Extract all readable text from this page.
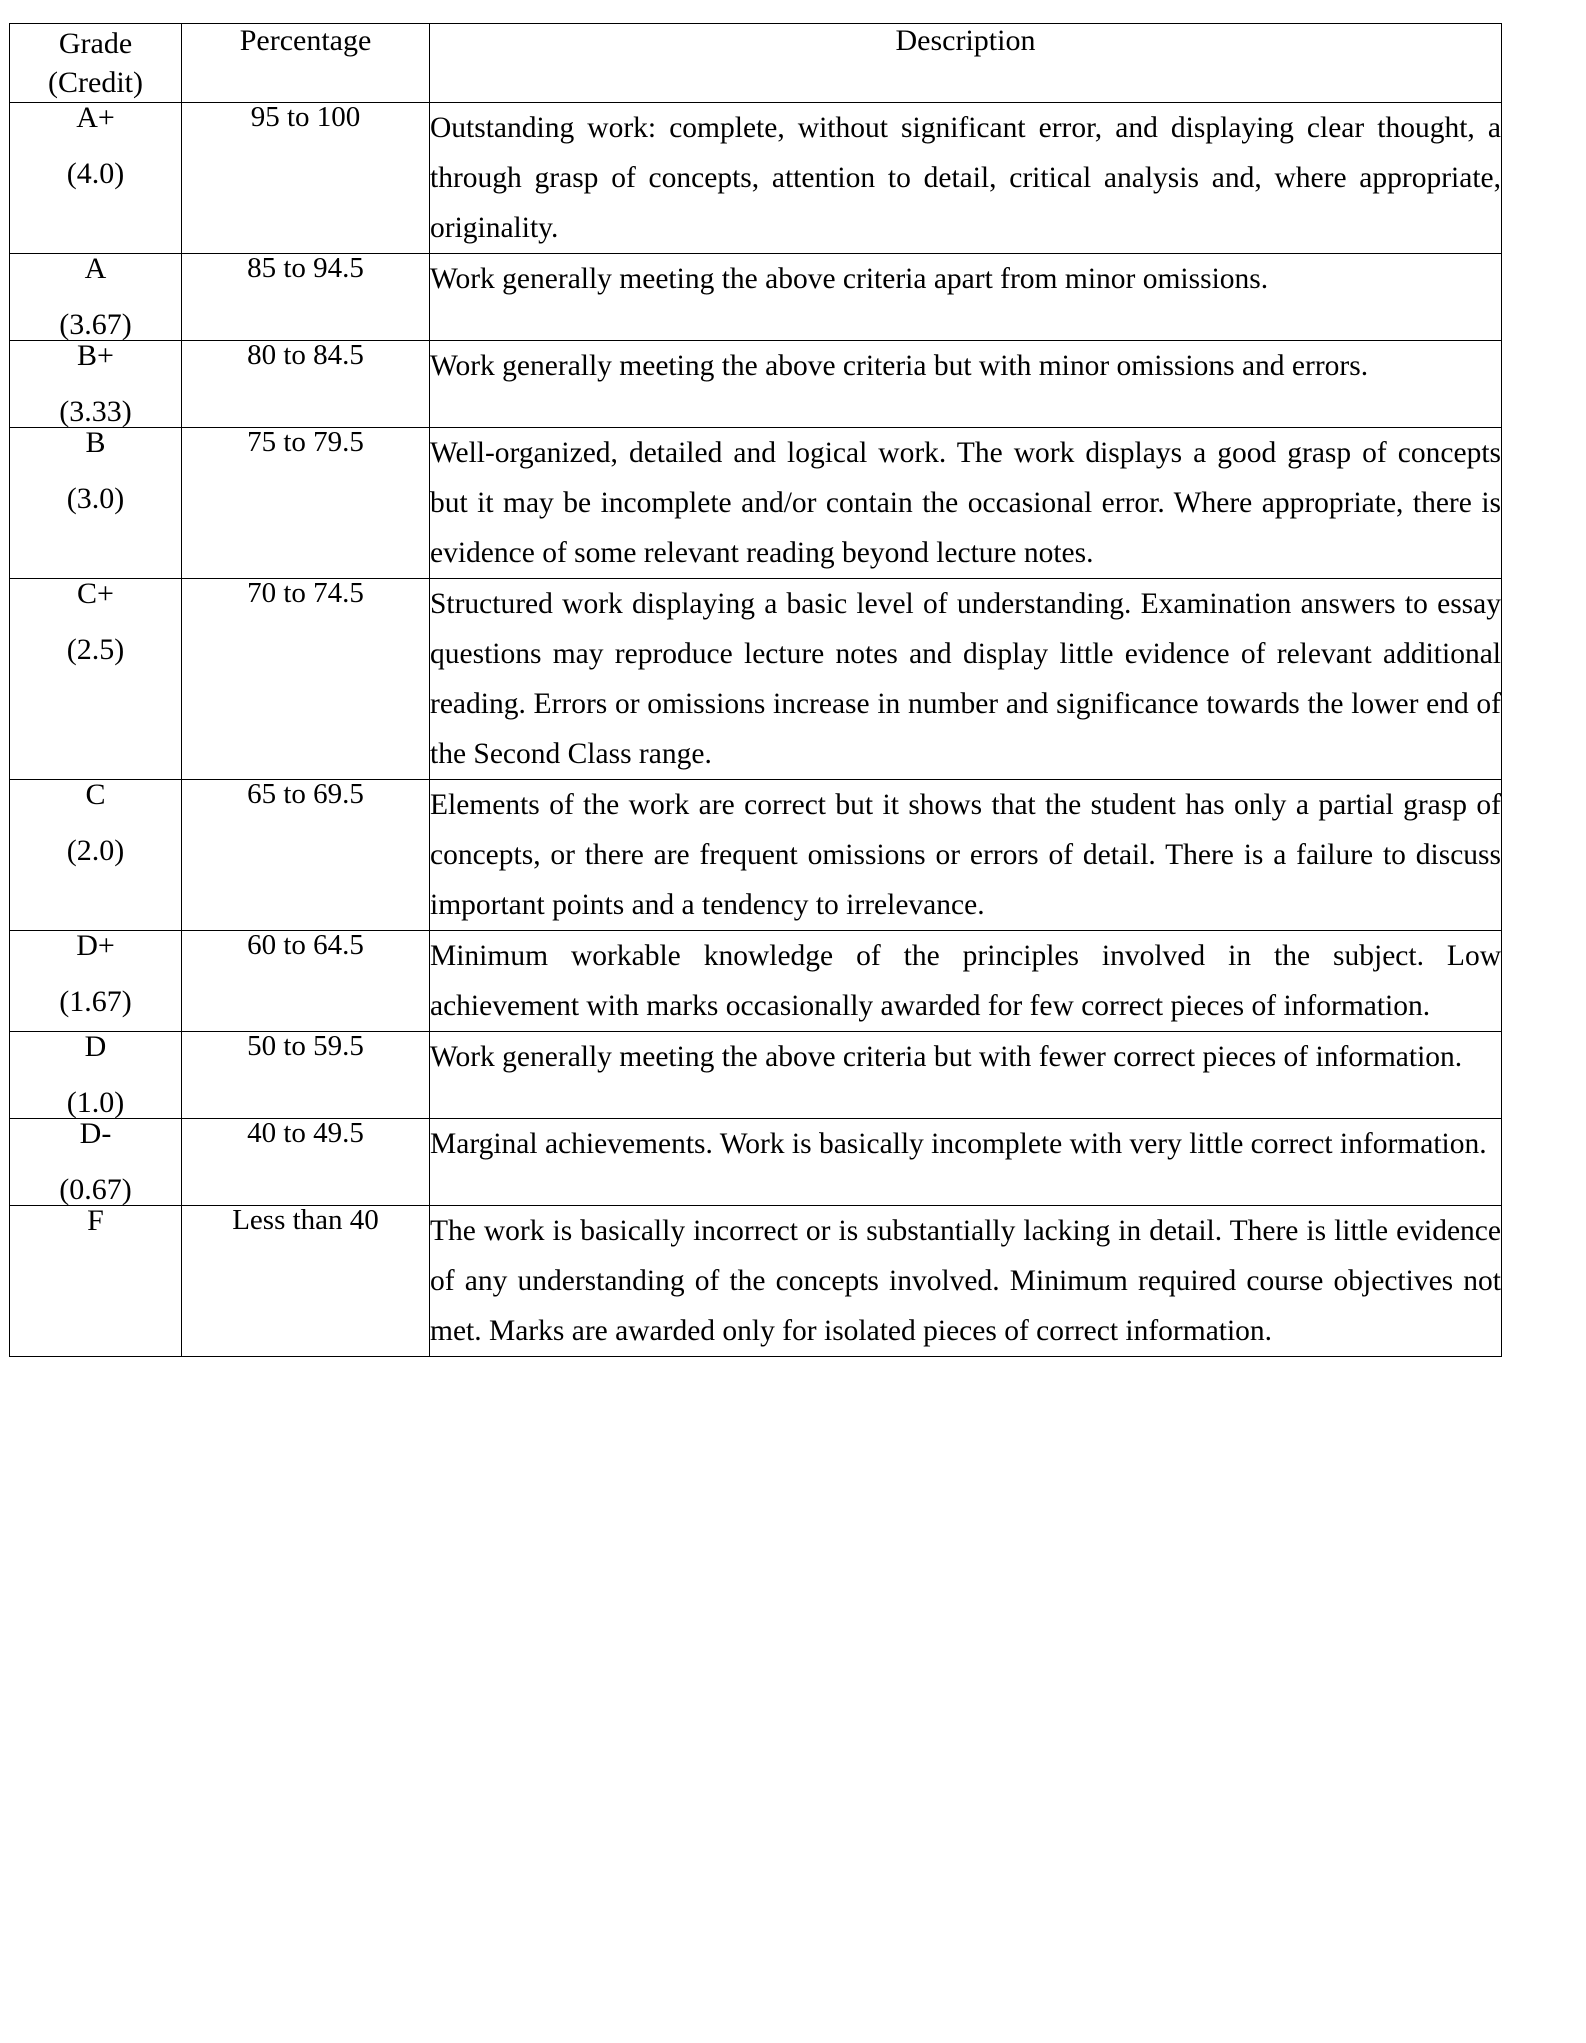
Grade
(Credit)	Percentage	Description

A+
(4.0)	95 to 100	Outstanding work: complete, without significant error, and displaying clear thought, a through grasp of concepts, attention to detail, critical analysis and, where appropriate, originality.

A
(3.67)	85 to 94.5	Work generally meeting the above criteria apart from minor omissions.

B+
(3.33)	80 to 84.5	Work generally meeting the above criteria but with minor omissions and errors.

B
(3.0)	75 to 79.5	Well-organized, detailed and logical work. The work displays a good grasp of concepts but it may be incomplete and/or contain the occasional error. Where appropriate, there is evidence of some relevant reading beyond lecture notes.

C+
(2.5)	70 to 74.5	Structured work displaying a basic level of understanding. Examination answers to essay questions may reproduce lecture notes and display little evidence of relevant additional reading. Errors or omissions increase in number and significance towards the lower end of the Second Class range.

C
(2.0)	65 to 69.5	Elements of the work are correct but it shows that the student has only a partial grasp of concepts, or there are frequent omissions or errors of detail. There is a failure to discuss important points and a tendency to irrelevance.

D+
(1.67)	60 to 64.5	Minimum workable knowledge of the principles involved in the subject. Low achievement with marks occasionally awarded for few correct pieces of information.

D
(1.0)	50 to 59.5	Work generally meeting the above criteria but with fewer correct pieces of information.

D-
(0.67)	40 to 49.5	Marginal achievements. Work is basically incomplete with very little correct information.

F	Less than 40	The work is basically incorrect or is substantially lacking in detail. There is little evidence of any understanding of the concepts involved. Minimum required course objectives not met. Marks are awarded only for isolated pieces of correct information.
